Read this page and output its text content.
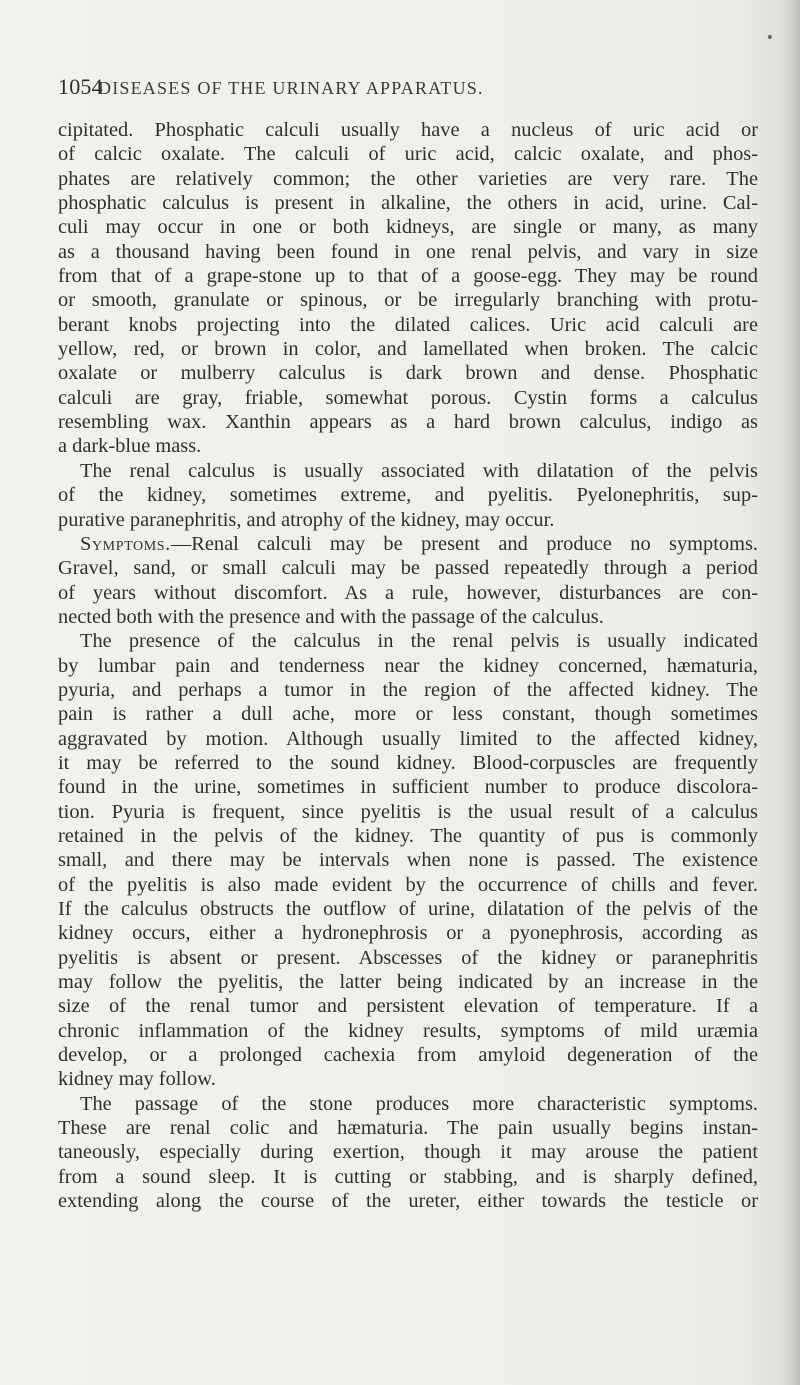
•
1054
DISEASES OF THE URINARY APPARATUS.
cipitated. Phosphatic calculi usually have a nucleus of uric acid or
of calcic oxalate. The calculi of uric acid, calcic oxalate, and phos-
phates are relatively common; the other varieties are very rare. The
phosphatic calculus is present in alkaline, the others in acid, urine. Cal-
culi may occur in one or both kidneys, are single or many, as many
as a thousand having been found in one renal pelvis, and vary in size
from that of a grape-stone up to that of a goose-egg. They may be round
or smooth, granulate or spinous, or be irregularly branching with protu-
berant knobs projecting into the dilated calices. Uric acid calculi are
yellow, red, or brown in color, and lamellated when broken. The calcic
oxalate or mulberry calculus is dark brown and dense. Phosphatic
calculi are gray, friable, somewhat porous. Cystin forms a calculus
resembling wax. Xanthin appears as a hard brown calculus, indigo as
a dark-blue mass.
The renal calculus is usually associated with dilatation of the pelvis
of the kidney, sometimes extreme, and pyelitis. Pyelonephritis, sup-
purative paranephritis, and atrophy of the kidney, may occur.
Symptoms.—Renal calculi may be present and produce no symptoms.
Gravel, sand, or small calculi may be passed repeatedly through a period
of years without discomfort. As a rule, however, disturbances are con-
nected both with the presence and with the passage of the calculus.
The presence of the calculus in the renal pelvis is usually indicated
by lumbar pain and tenderness near the kidney concerned, hæmaturia,
pyuria, and perhaps a tumor in the region of the affected kidney. The
pain is rather a dull ache, more or less constant, though sometimes
aggravated by motion. Although usually limited to the affected kidney,
it may be referred to the sound kidney. Blood-corpuscles are frequently
found in the urine, sometimes in sufficient number to produce discolora-
tion. Pyuria is frequent, since pyelitis is the usual result of a calculus
retained in the pelvis of the kidney. The quantity of pus is commonly
small, and there may be intervals when none is passed. The existence
of the pyelitis is also made evident by the occurrence of chills and fever.
If the calculus obstructs the outflow of urine, dilatation of the pelvis of the
kidney occurs, either a hydronephrosis or a pyonephrosis, according as
pyelitis is absent or present. Abscesses of the kidney or paranephritis
may follow the pyelitis, the latter being indicated by an increase in the
size of the renal tumor and persistent elevation of temperature. If a
chronic inflammation of the kidney results, symptoms of mild uræmia
develop, or a prolonged cachexia from amyloid degeneration of the
kidney may follow.
The passage of the stone produces more characteristic symptoms.
These are renal colic and hæmaturia. The pain usually begins instan-
taneously, especially during exertion, though it may arouse the patient
from a sound sleep. It is cutting or stabbing, and is sharply defined,
extending along the course of the ureter, either towards the testicle or
